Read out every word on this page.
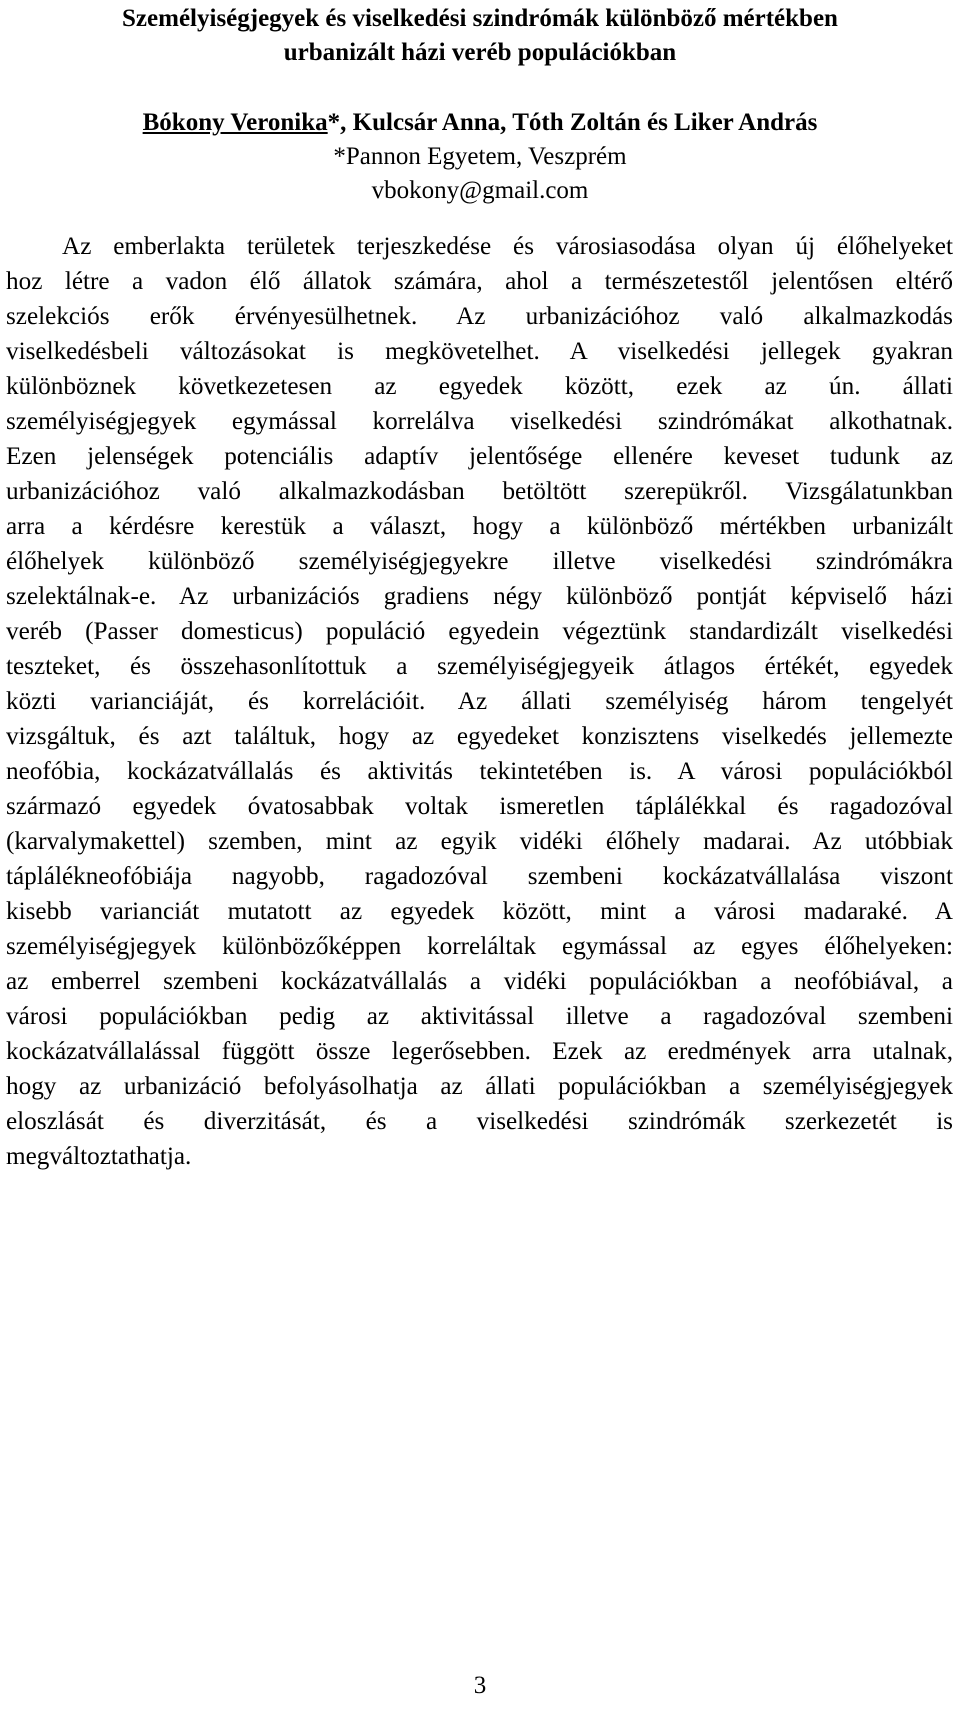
Személyiségjegyek és viselkedési szindrómák különböző mértékben
urbanizált házi veréb populációkban
Bókony Veronika*, Kulcsár Anna, Tóth Zoltán és Liker András
*Pannon Egyetem, Veszprém
vbokony@gmail.com
Az emberlakta területek terjeszkedése és városiasodása olyan új élőhelyeket
hoz létre a vadon élő állatok számára, ahol a természetestől jelentősen eltérő
szelekciós erők érvényesülhetnek. Az urbanizációhoz való alkalmazkodás
viselkedésbeli változásokat is megkövetelhet. A viselkedési jellegek gyakran
különböznek következetesen az egyedek között, ezek az ún. állati
személyiségjegyek egymással korrelálva viselkedési szindrómákat alkothatnak.
Ezen jelenségek potenciális adaptív jelentősége ellenére keveset tudunk az
urbanizációhoz való alkalmazkodásban betöltött szerepükről. Vizsgálatunkban
arra a kérdésre kerestük a választ, hogy a különböző mértékben urbanizált
élőhelyek különböző személyiségjegyekre illetve viselkedési szindrómákra
szelektálnak-e. Az urbanizációs gradiens négy különböző pontját képviselő házi
veréb (Passer domesticus) populáció egyedein végeztünk standardizált viselkedési
teszteket, és összehasonlítottuk a személyiségjegyeik átlagos értékét, egyedek
közti varianciáját, és korrelációit. Az állati személyiség három tengelyét
vizsgáltuk, és azt találtuk, hogy az egyedeket konzisztens viselkedés jellemezte
neofóbia, kockázatvállalás és aktivitás tekintetében is. A városi populációkból
származó egyedek óvatosabbak voltak ismeretlen táplálékkal és ragadozóval
(karvalymakettel) szemben, mint az egyik vidéki élőhely madarai. Az utóbbiak
táplálékneofóbiája nagyobb, ragadozóval szembeni kockázatvállalása viszont
kisebb varianciát mutatott az egyedek között, mint a városi madaraké. A
személyiségjegyek különbözőképpen korreláltak egymással az egyes élőhelyeken:
az emberrel szembeni kockázatvállalás a vidéki populációkban a neofóbiával, a
városi populációkban pedig az aktivitással illetve a ragadozóval szembeni
kockázatvállalással függött össze legerősebben. Ezek az eredmények arra utalnak,
hogy az urbanizáció befolyásolhatja az állati populációkban a személyiségjegyek
eloszlását és diverzitását, és a viselkedési szindrómák szerkezetét is
megváltoztathatja.
3
